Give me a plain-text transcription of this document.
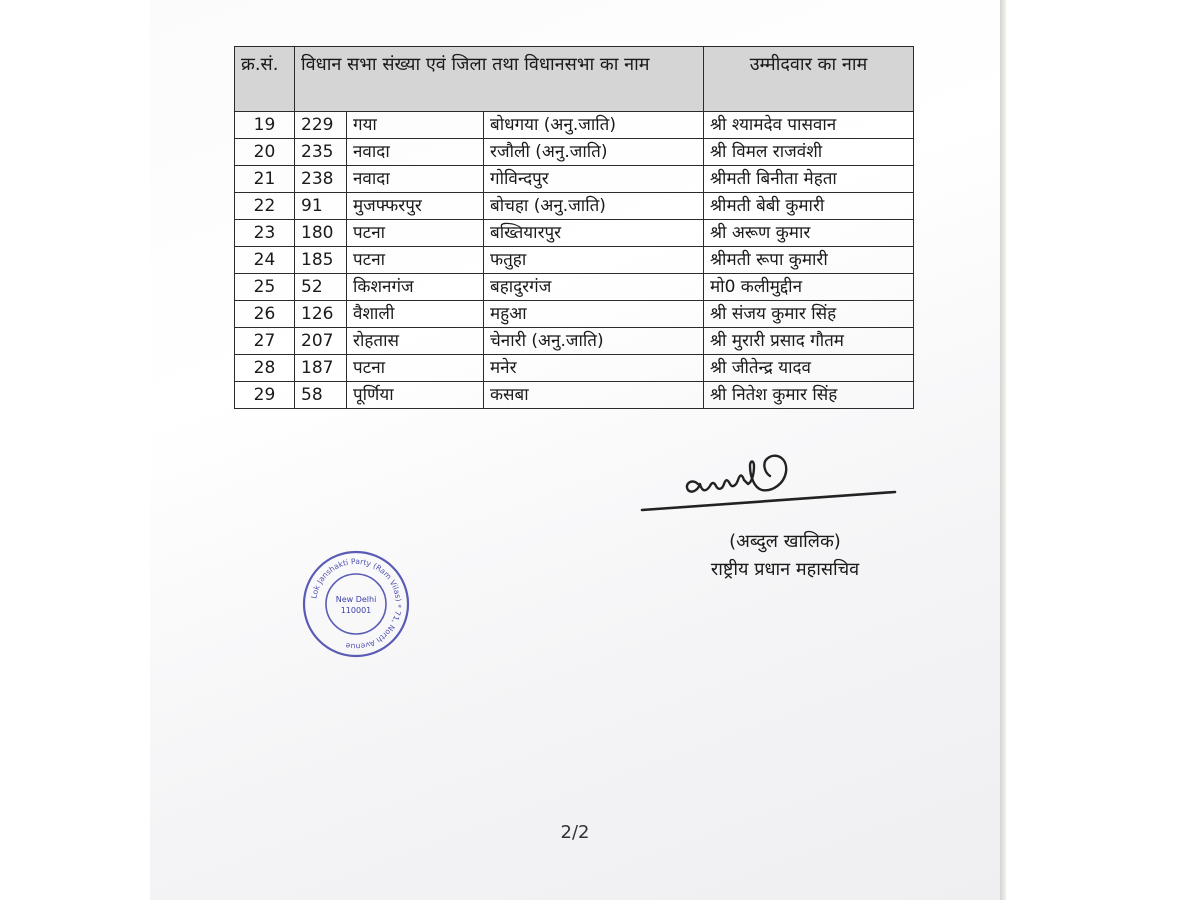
क्र.सं.	विधान सभा संख्या एवं जिला तथा विधानसभा का नाम			उम्मीदवार का नाम
19	229	गया	बोधगया (अनु.जाति)	श्री श्यामदेव पासवान
20	235	नवादा	रजौली (अनु.जाति)	श्री विमल राजवंशी
21	238	नवादा	गोविन्दपुर	श्रीमती बिनीता मेहता
22	91	मुजफ्फरपुर	बोचहा (अनु.जाति)	श्रीमती बेबी कुमारी
23	180	पटना	बख्तियारपुर	श्री अरूण कुमार
24	185	पटना	फतुहा	श्रीमती रूपा कुमारी
25	52	किशनगंज	बहादुरगंज	मो0 कलीमुद्दीन
26	126	वैशाली	महुआ	श्री संजय कुमार सिंह
27	207	रोहतास	चेनारी (अनु.जाति)	श्री मुरारी प्रसाद गौतम
28	187	पटना	मनेर	श्री जीतेन्द्र यादव
29	58	पूर्णिया	कसबा	श्री नितेश कुमार सिंह
(अब्दुल खालिक)
राष्ट्रीय प्रधान महासचिव
Lok Janshakti Party (Ram Vilas) * 71, North Avenue
New Delhi
110001
2/2
